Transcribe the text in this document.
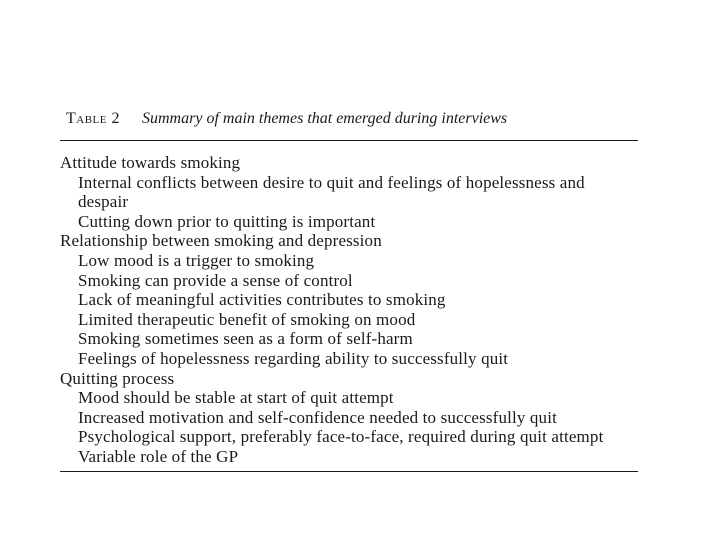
Table 2 Summary of main themes that emerged during interviews
Attitude towards smoking
Internal conflicts between desire to quit and feelings of hopelessness and despair
Cutting down prior to quitting is important
Relationship between smoking and depression
Low mood is a trigger to smoking
Smoking can provide a sense of control
Lack of meaningful activities contributes to smoking
Limited therapeutic benefit of smoking on mood
Smoking sometimes seen as a form of self-harm
Feelings of hopelessness regarding ability to successfully quit
Quitting process
Mood should be stable at start of quit attempt
Increased motivation and self-confidence needed to successfully quit
Psychological support, preferably face-to-face, required during quit attempt
Variable role of the GP
